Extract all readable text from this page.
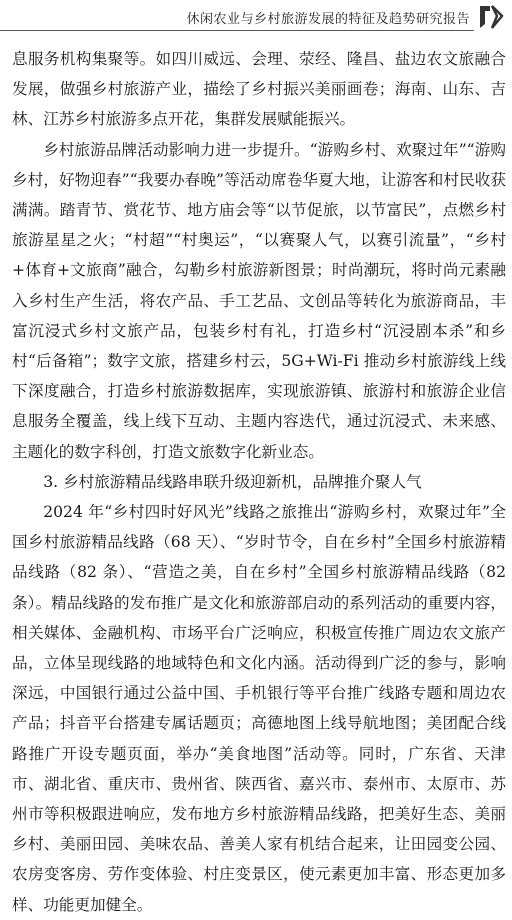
休闲农业与乡村旅游发展的特征及趋势研究报告

息服务机构集聚等。如四川威远、会理、荥经、隆昌、盐边农文旅融合发展，做强乡村旅游产业，描绘了乡村振兴美丽画卷；海南、山东、吉林、江苏乡村旅游多点开花，集群发展赋能振兴。

乡村旅游品牌活动影响力进一步提升。“游购乡村、欢聚过年”“游购乡村，好物迎春”“我要办春晚”等活动席卷华夏大地，让游客和村民收获满满。踏青节、赏花节、地方庙会等“以节促旅，以节富民”，点燃乡村旅游星星之火；“村超”“村奥运”，“以赛聚人气，以赛引流量”，“乡村+体育+文旅商”融合，勾勒乡村旅游新图景；时尚潮玩，将时尚元素融入乡村生产生活，将农产品、手工艺品、文创品等转化为旅游商品，丰富沉浸式乡村文旅产品，包装乡村有礼，打造乡村“沉浸剧本杀”和乡村“后备箱”；数字文旅，搭建乡村云，5G+Wi-Fi 推动乡村旅游线上线下深度融合，打造乡村旅游数据库，实现旅游镇、旅游村和旅游企业信息服务全覆盖，线上线下互动、主题内容迭代，通过沉浸式、未来感、主题化的数字科创，打造文旅数字化新业态。

3. 乡村旅游精品线路串联升级迎新机，品牌推介聚人气

2024 年“乡村四时好风光”线路之旅推出“游购乡村，欢聚过年”全国乡村旅游精品线路（68 天）、“岁时节令，自在乡村”全国乡村旅游精品线路（82 条）、“营造之美，自在乡村”全国乡村旅游精品线路（82 条）。精品线路的发布推广是文化和旅游部启动的系列活动的重要内容，相关媒体、金融机构、市场平台广泛响应，积极宣传推广周边农文旅产品，立体呈现线路的地域特色和文化内涵。活动得到广泛的参与，影响深远，中国银行通过公益中国、手机银行等平台推广线路专题和周边农产品；抖音平台搭建专属话题页；高德地图上线导航地图；美团配合线路推广开设专题页面，举办“美食地图”活动等。同时，广东省、天津市、湖北省、重庆市、贵州省、陕西省、嘉兴市、泰州市、太原市、苏州市等积极跟进响应，发布地方乡村旅游精品线路，把美好生态、美丽乡村、美丽田园、美味农品、善美人家有机结合起来，让田园变公园、农房变客房、劳作变体验、村庄变景区，使元素更加丰富、形态更加多样、功能更加健全。
